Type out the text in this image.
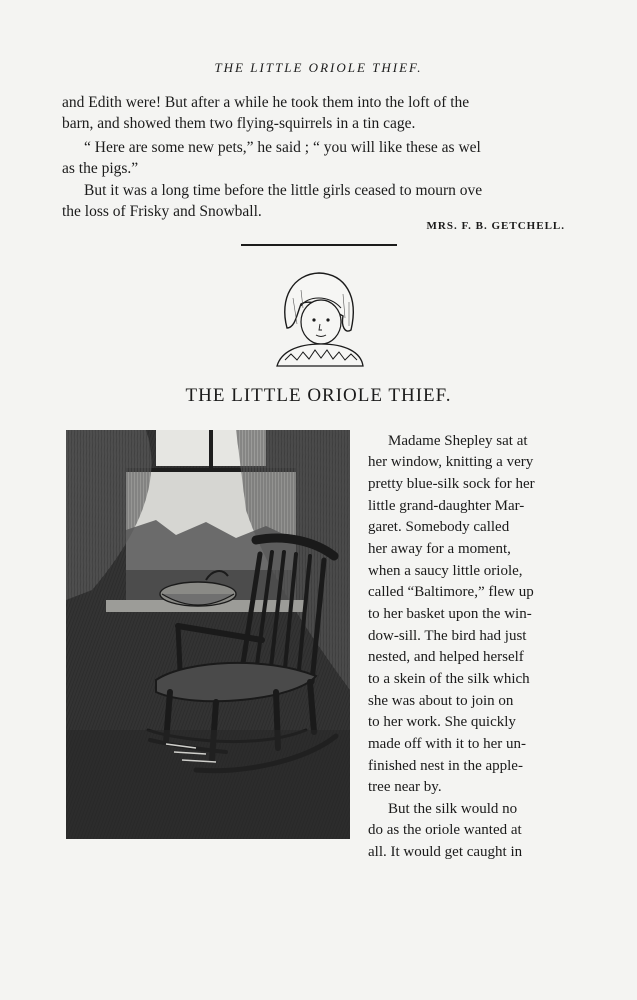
THE LITTLE ORIOLE THIEF.
and Edith were! But after a while he took them into the loft of the
barn, and showed them two flying-squirrels in a tin cage.
“ Here are some new pets,” he said ; “ you will like these as wel
as the pigs.”
But it was a long time before the little girls ceased to mourn ove
the loss of Frisky and Snowball.
MRS. F. B. GETCHELL.
THE LITTLE ORIOLE THIEF.
Madame Shepley sat at
her window, knitting a very
pretty blue-silk sock for her
little grand-daughter Mar-
garet. Somebody called
her away for a moment,
when a saucy little oriole,
called “Baltimore,” flew up
to her basket upon the win-
dow-sill. The bird had just
nested, and helped herself
to a skein of the silk which
she was about to join on
to her work. She quickly
made off with it to her un-
finished nest in the apple-
tree near by.
But the silk would no
do as the oriole wanted at
all. It would get caught in
